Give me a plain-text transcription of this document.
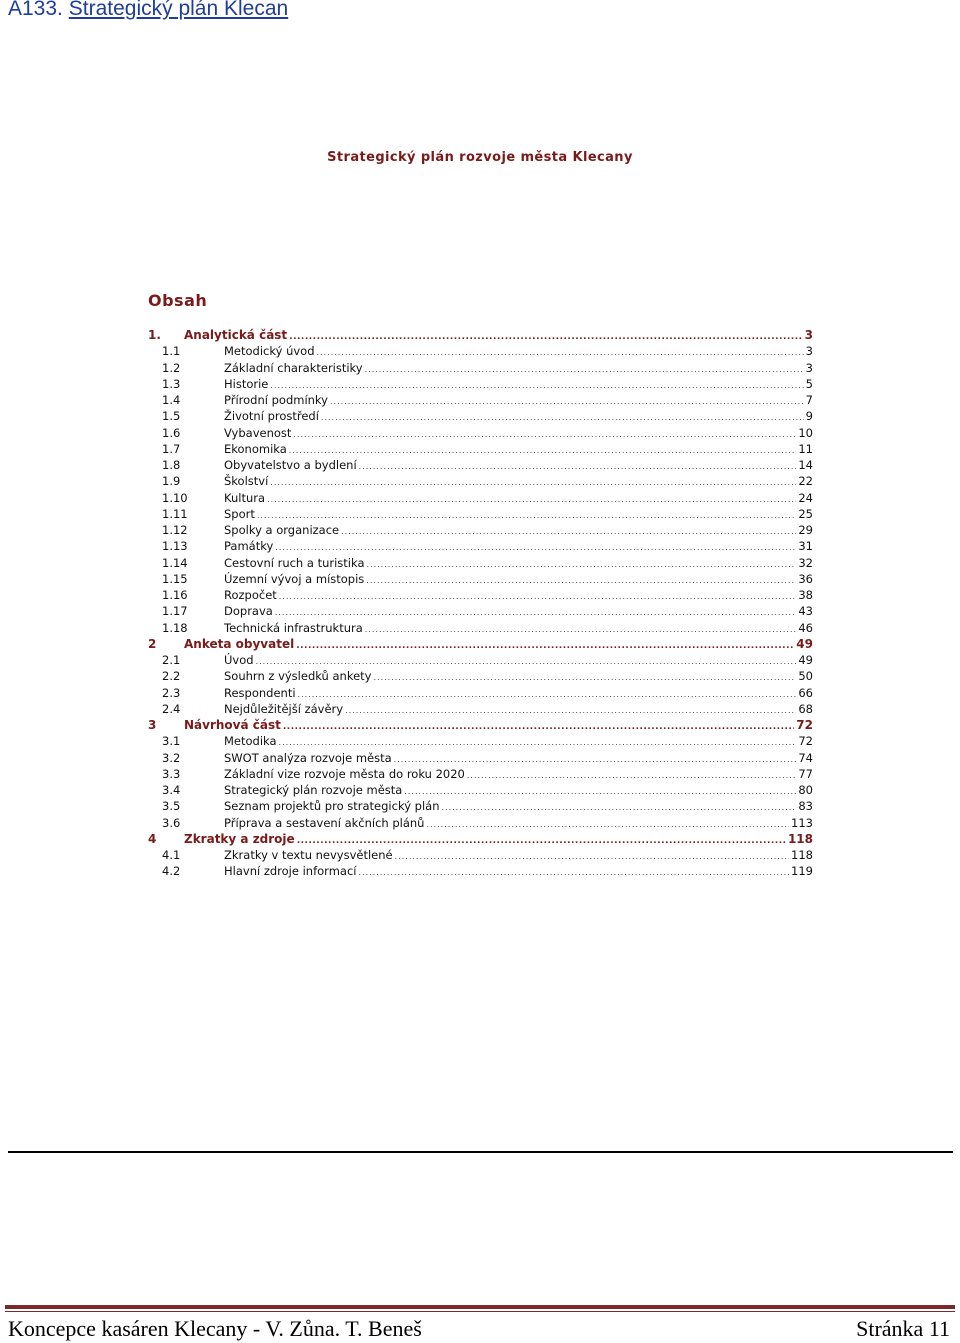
A133. Strategický plán Klecan
Strategický plán rozvoje města Klecany
Obsah
1.	Analytická část .....	3
1.1	Metodický úvod .....	3
1.2	Základní charakteristiky .....	3
1.3	Historie .....	5
1.4	Přírodní podmínky .....	7
1.5	Životní prostředí .....	9
1.6	Vybavenost .....	10
1.7	Ekonomika .....	11
1.8	Obyvatelstvo a bydlení .....	14
1.9	Školství .....	22
1.10	Kultura .....	24
1.11	Sport .....	25
1.12	Spolky a organizace .....	29
1.13	Památky .....	31
1.14	Cestovní ruch a turistika .....	32
1.15	Územní vývoj a místopis .....	36
1.16	Rozpočet .....	38
1.17	Doprava .....	43
1.18	Technická infrastruktura .....	46
2	Anketa obyvatel .....	49
2.1	Úvod .....	49
2.2	Souhrn z výsledků ankety .....	50
2.3	Respondenti .....	66
2.4	Nejdůležitější závěry .....	68
3	Návrhová část .....	72
3.1	Metodika .....	72
3.2	SWOT analýza rozvoje města .....	74
3.3	Základní vize rozvoje města do roku 2020 .....	77
3.4	Strategický plán rozvoje města .....	80
3.5	Seznam projektů pro strategický plán .....	83
3.6	Příprava a sestavení akčních plánů .....	113
4	Zkratky a zdroje .....	118
4.1	Zkratky v textu nevysvětlené .....	118
4.2	Hlavní zdroje informací .....	119
Koncepce kasáren Klecany - V. Zůna. T. Beneš	Stránka 11
